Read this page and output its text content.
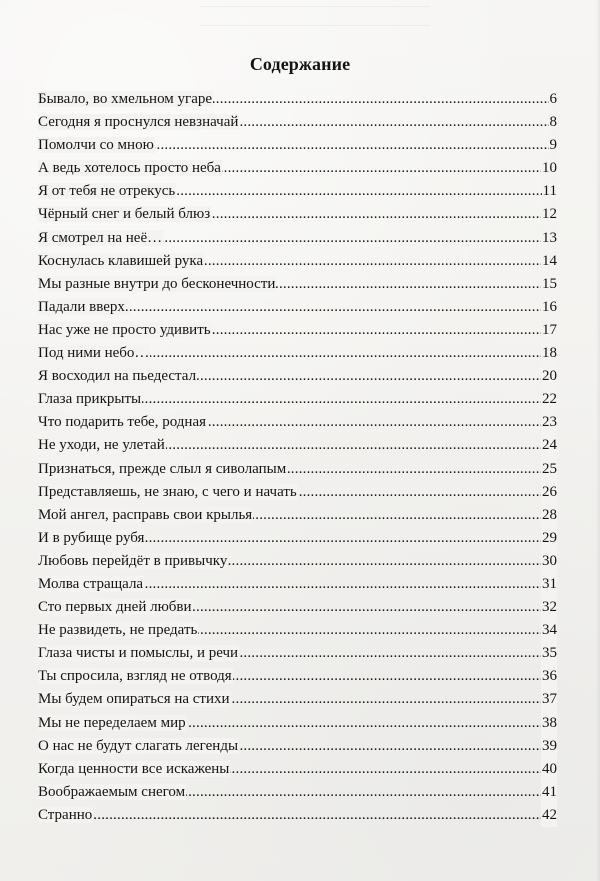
Содержание
..... Бывало, во хмельном угаре	6
..... Сегодня я проснулся невзначай	8
..... Помолчи со мною	9
..... А ведь хотелось просто неба	10
..... Я от тебя не отрекусь	11
..... Чёрный снег и белый блюз	12
..... Я смотрел на неё…	13
..... Коснулась клавишей рука	14
..... Мы разные внутри до бесконечности	15
..... Падали вверх.	16
..... Нас уже не просто удивить	17
..... Под ними небо…	18
..... Я восходил на пьедестал	20
..... Глаза прикрыты	22
..... Что подарить тебе, родная	23
..... Не уходи, не улетай	24
..... Признаться, прежде слыл я сиволапым	25
..... Представляешь, не знаю, с чего и начать	26
..... Мой ангел, расправь свои крылья	28
..... И в рубище рубя	29
..... Любовь перейдёт в привычку	30
..... Молва стращала	31
..... Сто первых дней любви	32
..... Не развидеть, не предать	34
..... Глаза чисты и помыслы, и речи	35
..... Ты спросила, взгляд не отводя	36
..... Мы будем опираться на стихи	37
..... Мы не переделаем мир	38
..... О нас не будут слагать легенды	39
..... Когда ценности все искажены	40
..... Воображаемым снегом	41
..... Странно	42
